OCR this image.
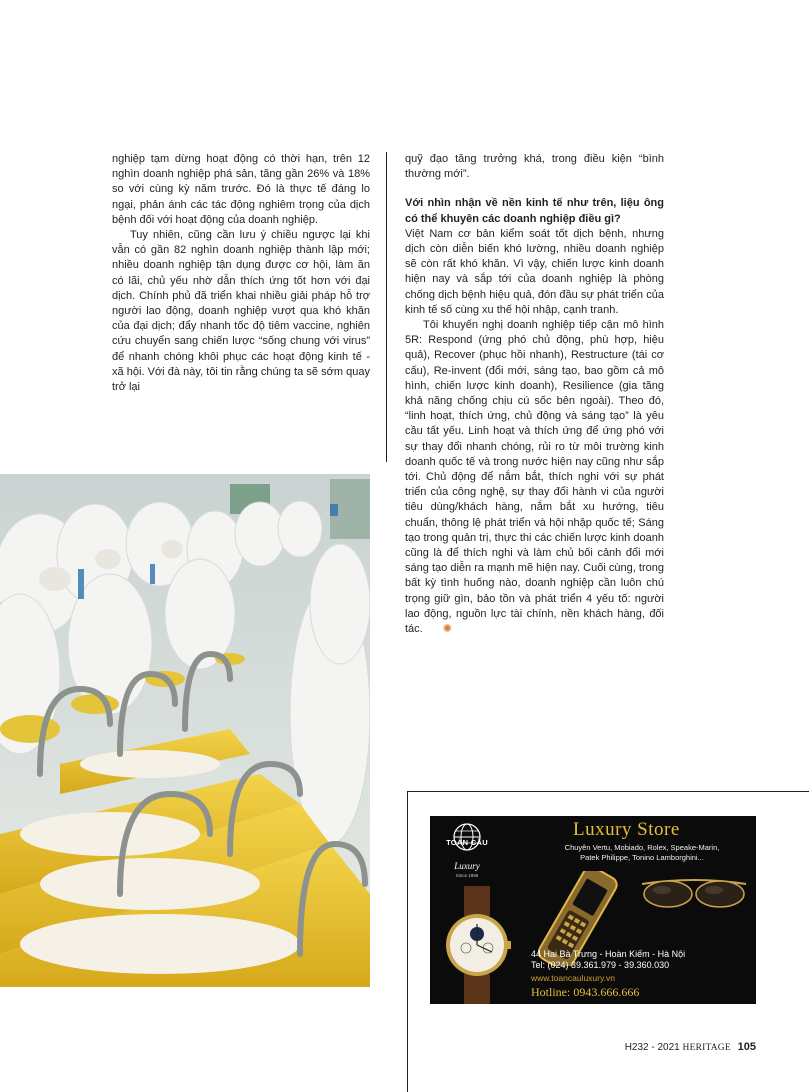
nghiệp tạm dừng hoạt động có thời hạn, trên 12 nghìn doanh nghiệp phá sản, tăng gần 26% và 18% so với cùng kỳ năm trước. Đó là thực tế đáng lo ngại, phản ánh các tác động nghiêm trọng của dịch bệnh đối với hoạt động của doanh nghiệp.

Tuy nhiên, cũng cần lưu ý chiều ngược lại khi vẫn có gần 82 nghìn doanh nghiệp thành lập mới; nhiều doanh nghiệp tận dụng được cơ hội, làm ăn có lãi, chủ yếu nhờ dẫn thích ứng tốt hơn với đại dịch. Chính phủ đã triển khai nhiều giải pháp hỗ trợ người lao động, doanh nghiệp vượt qua khó khăn của đại dịch; đẩy nhanh tốc độ tiêm vaccine, nghiên cứu chuyển sang chiến lược “sống chung với virus” để nhanh chóng khôi phục các hoạt động kinh tế - xã hội. Với đà này, tôi tin rằng chúng ta sẽ sớm quay trở lại

quỹ đạo tăng trưởng khá, trong điều kiện “bình thường mới”.

Với nhìn nhận về nền kinh tế như trên, liệu ông có thể khuyên các doanh nghiệp điều gì?

Việt Nam cơ bản kiểm soát tốt dịch bệnh, nhưng dịch còn diễn biến khó lường, nhiều doanh nghiệp sẽ còn rất khó khăn. Vì vậy, chiến lược kinh doanh hiện nay và sắp tới của doanh nghiệp là phòng chống dịch bệnh hiệu quả, đón đầu sự phát triển của kinh tế số cùng xu thế hội nhập, cạnh tranh.

Tôi khuyến nghị doanh nghiệp tiếp cận mô hình 5R: Respond (ứng phó chủ động, phù hợp, hiệu quả), Recover (phục hồi nhanh), Restructure (tái cơ cấu), Re-invent (đổi mới, sáng tạo, bao gồm cả mô hình, chiến lược kinh doanh), Resilience (gia tăng khả năng chống chịu cú sốc bên ngoài). Theo đó, “linh hoạt, thích ứng, chủ động và sáng tạo” là yêu cầu tất yếu. Linh hoạt và thích ứng để ứng phó với sự thay đổi nhanh chóng, rủi ro từ môi trường kinh doanh quốc tế và trong nước hiện nay cũng như sắp tới. Chủ động để nắm bắt, thích nghi với sự phát triển của công nghệ, sự thay đổi hành vi của người tiêu dùng/khách hàng, nắm bắt xu hướng, tiêu chuẩn, thông lệ phát triển và hội nhập quốc tế; Sáng tạo trong quản trị, thực thi các chiến lược kinh doanh cũng là để thích nghi và làm chủ bối cảnh đổi mới sáng tạo diễn ra mạnh mẽ hiện nay. Cuối cùng, trong bất kỳ tình huống nào, doanh nghiệp cần luôn chú trọng giữ gìn, bảo tồn và phát triển 4 yếu tố: người lao động, nguồn lực tài chính, nền khách hàng, đối tác. ✺

TOÀN CẦU
Luxury
Since 1995
Luxury Store
Chuyên Vertu, Mobiado, Rolex, Speake-Marin,
Patek Philippe, Tonino Lamborghini...
44 Hai Bà Trưng - Hoàn Kiếm - Hà Nội
Tel: (024) 39.361.979 - 39.360.030
www.toancauluxury.vn
Hotline: 0943.666.666
H232 - 2021 HERITAGE 105
